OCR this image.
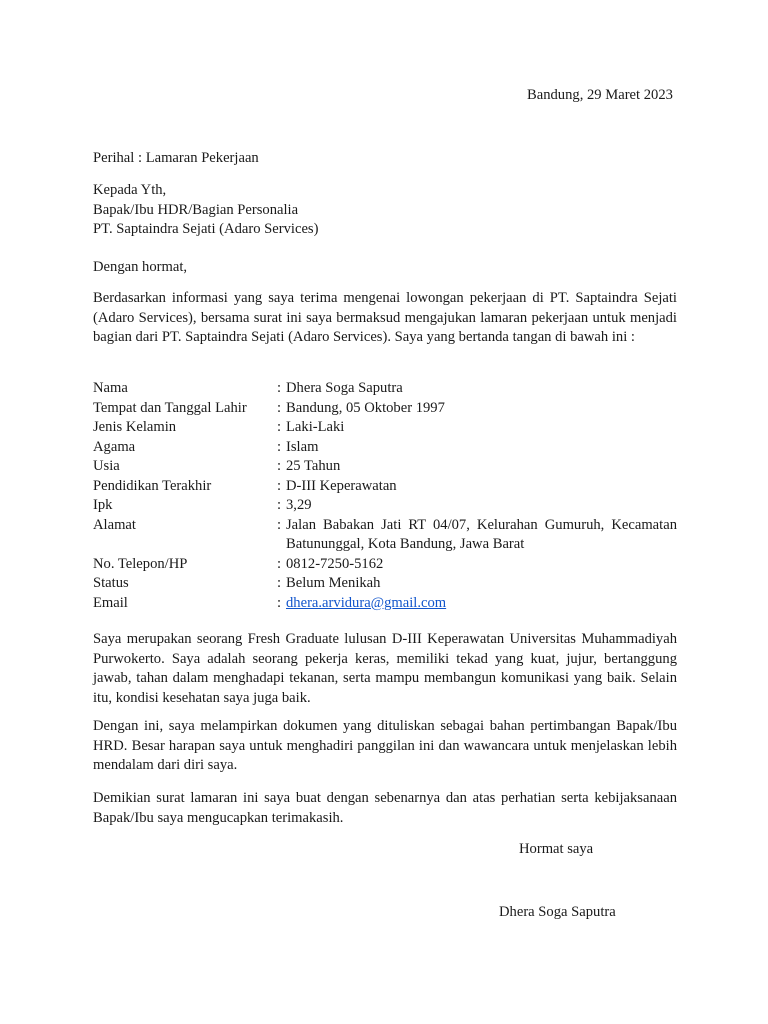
Bandung, 29 Maret 2023
Perihal : Lamaran Pekerjaan
Kepada Yth,
Bapak/Ibu HDR/Bagian Personalia
PT. Saptaindra Sejati (Adaro Services)
Dengan hormat,
Berdasarkan informasi yang saya terima mengenai lowongan pekerjaan di PT. Saptaindra Sejati (Adaro Services), bersama surat ini saya bermaksud mengajukan lamaran pekerjaan untuk menjadi bagian dari PT. Saptaindra Sejati (Adaro Services). Saya yang bertanda tangan di bawah ini :
Nama	: Dhera Soga Saputra
Tempat dan Tanggal Lahir	: Bandung, 05 Oktober 1997
Jenis Kelamin	: Laki-Laki
Agama	: Islam
Usia	: 25 Tahun
Pendidikan Terakhir	: D-III Keperawatan
Ipk	: 3,29
Alamat	: Jalan Babakan Jati RT 04/07, Kelurahan Gumuruh, Kecamatan Batununggal, Kota Bandung, Jawa Barat
No. Telepon/HP	: 0812-7250-5162
Status	: Belum Menikah
Email	: dhera.arvidura@gmail.com
Saya merupakan seorang Fresh Graduate lulusan D-III Keperawatan Universitas Muhammadiyah Purwokerto. Saya adalah seorang pekerja keras, memiliki tekad yang kuat, jujur, bertanggung jawab, tahan dalam menghadapi tekanan, serta mampu membangun komunikasi yang baik. Selain itu, kondisi kesehatan saya juga baik.
Dengan ini, saya melampirkan dokumen yang dituliskan sebagai bahan pertimbangan Bapak/Ibu HRD. Besar harapan saya untuk menghadiri panggilan ini dan wawancara untuk menjelaskan lebih mendalam dari diri saya.
Demikian surat lamaran ini saya buat dengan sebenarnya dan atas perhatian serta kebijaksanaan Bapak/Ibu saya mengucapkan terimakasih.
Hormat saya
Dhera Soga Saputra
